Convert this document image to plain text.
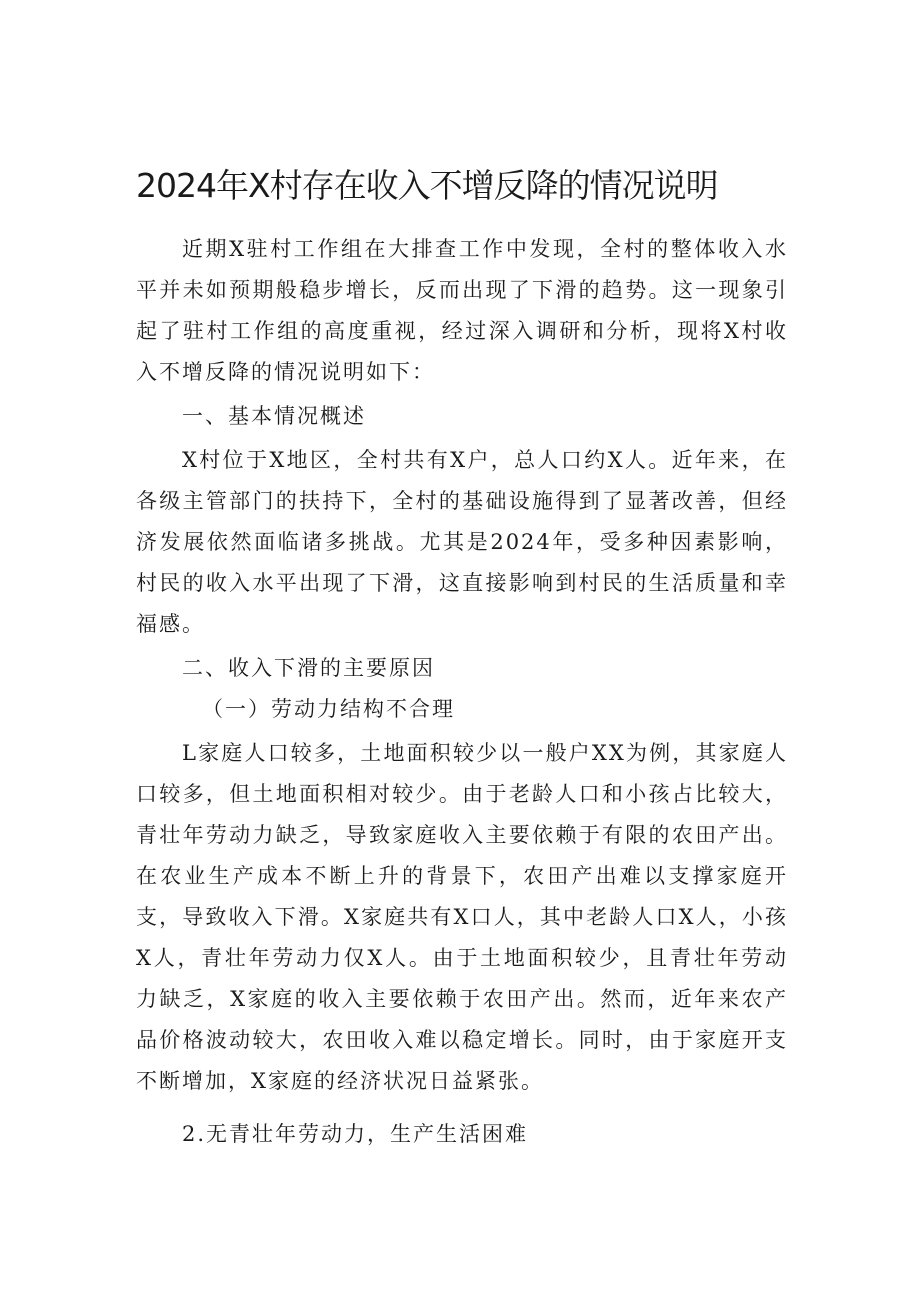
2024年X村存在收入不增反降的情况说明

近期X驻村工作组在大排查工作中发现，全村的整体收入水平并未如预期般稳步增长，反而出现了下滑的趋势。这一现象引起了驻村工作组的高度重视，经过深入调研和分析，现将X村收入不增反降的情况说明如下：

一、基本情况概述

X村位于X地区，全村共有X户，总人口约X人。近年来，在各级主管部门的扶持下，全村的基础设施得到了显著改善，但经济发展依然面临诸多挑战。尤其是2024年，受多种因素影响，村民的收入水平出现了下滑，这直接影响到村民的生活质量和幸福感。

二、收入下滑的主要原因

（一）劳动力结构不合理

L家庭人口较多，土地面积较少以一般户XX为例，其家庭人口较多，但土地面积相对较少。由于老龄人口和小孩占比较大，青壮年劳动力缺乏，导致家庭收入主要依赖于有限的农田产出。在农业生产成本不断上升的背景下，农田产出难以支撑家庭开支，导致收入下滑。X家庭共有X口人，其中老龄人口X人，小孩X人，青壮年劳动力仅X人。由于土地面积较少，且青壮年劳动力缺乏，X家庭的收入主要依赖于农田产出。然而，近年来农产品价格波动较大，农田收入难以稳定增长。同时，由于家庭开支不断增加，X家庭的经济状况日益紧张。

2.无青壮年劳动力，生产生活困难
